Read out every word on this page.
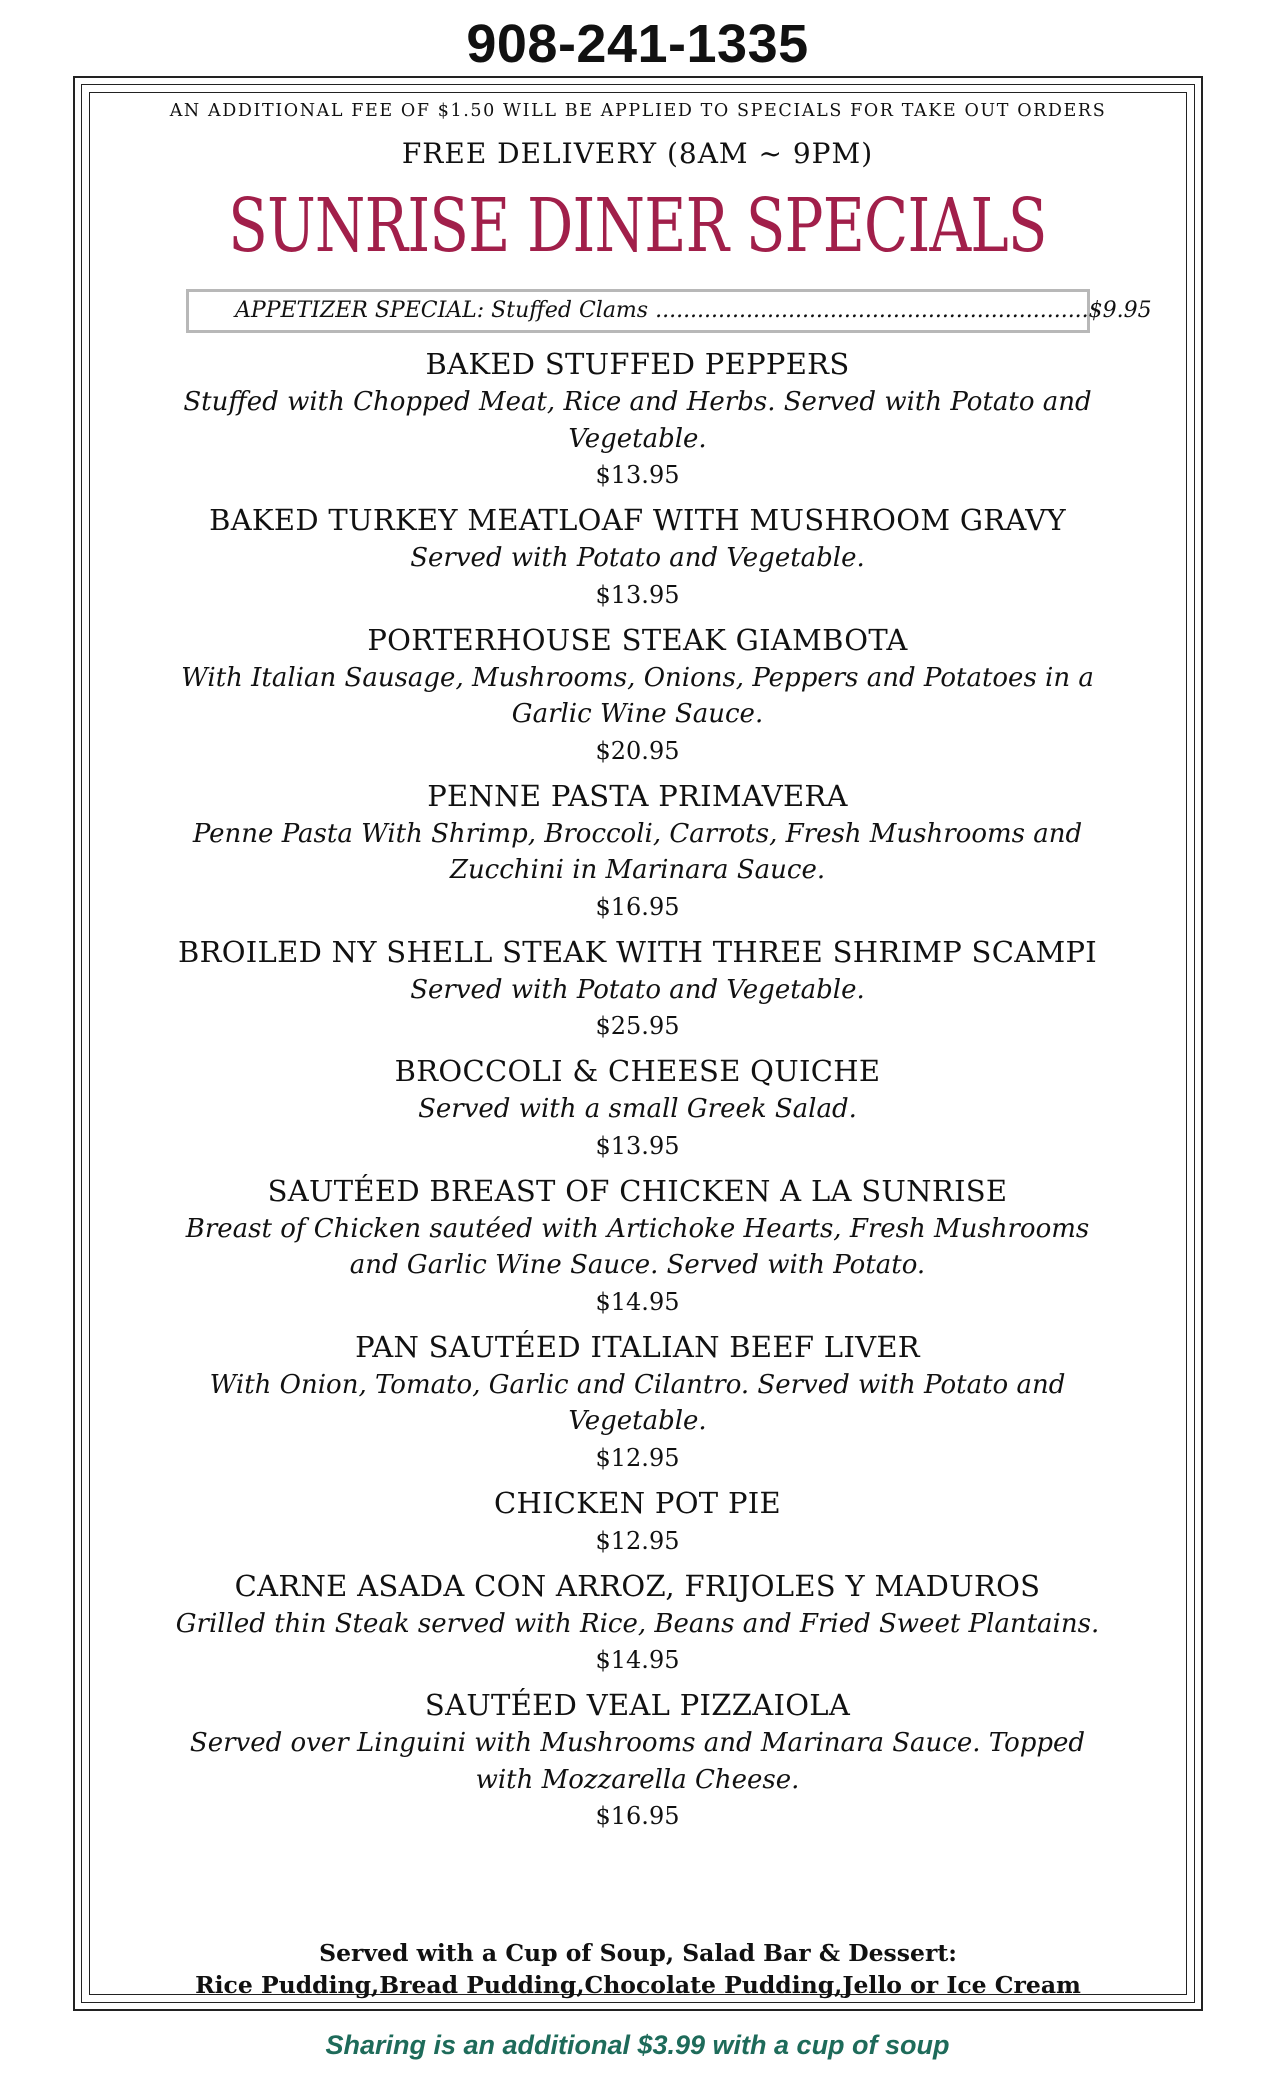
908-241-1335
AN ADDITIONAL FEE OF $1.50 WILL BE APPLIED TO SPECIALS FOR TAKE OUT ORDERS
FREE DELIVERY (8AM ~ 9PM)
SUNRISE DINER SPECIALS
APPETIZER SPECIAL: Stuffed Clams ..............................................................$9.95
BAKED STUFFED PEPPERS
Stuffed with Chopped Meat, Rice and Herbs. Served with Potato and Vegetable.
$13.95
BAKED TURKEY MEATLOAF WITH MUSHROOM GRAVY
Served with Potato and Vegetable.
$13.95
PORTERHOUSE STEAK GIAMBOTA
With Italian Sausage, Mushrooms, Onions, Peppers and Potatoes in a Garlic Wine Sauce.
$20.95
PENNE PASTA PRIMAVERA
Penne Pasta With Shrimp, Broccoli, Carrots, Fresh Mushrooms and Zucchini in Marinara Sauce.
$16.95
BROILED NY SHELL STEAK WITH THREE SHRIMP SCAMPI
Served with Potato and Vegetable.
$25.95
BROCCOLI & CHEESE QUICHE
Served with a small Greek Salad.
$13.95
SAUTÉED BREAST OF CHICKEN A LA SUNRISE
Breast of Chicken sautéed with Artichoke Hearts, Fresh Mushrooms and Garlic Wine Sauce. Served with Potato.
$14.95
PAN SAUTÉED ITALIAN BEEF LIVER
With Onion, Tomato, Garlic and Cilantro. Served with Potato and Vegetable.
$12.95
CHICKEN POT PIE
$12.95
CARNE ASADA CON ARROZ, FRIJOLES Y MADUROS
Grilled thin Steak served with Rice, Beans and Fried Sweet Plantains.
$14.95
SAUTÉED VEAL PIZZAIOLA
Served over Linguini with Mushrooms and Marinara Sauce. Topped with Mozzarella Cheese.
$16.95
Served with a Cup of Soup, Salad Bar & Dessert:
Rice Pudding,Bread Pudding,Chocolate Pudding,Jello or Ice Cream
Sharing is an additional $3.99 with a cup of soup
